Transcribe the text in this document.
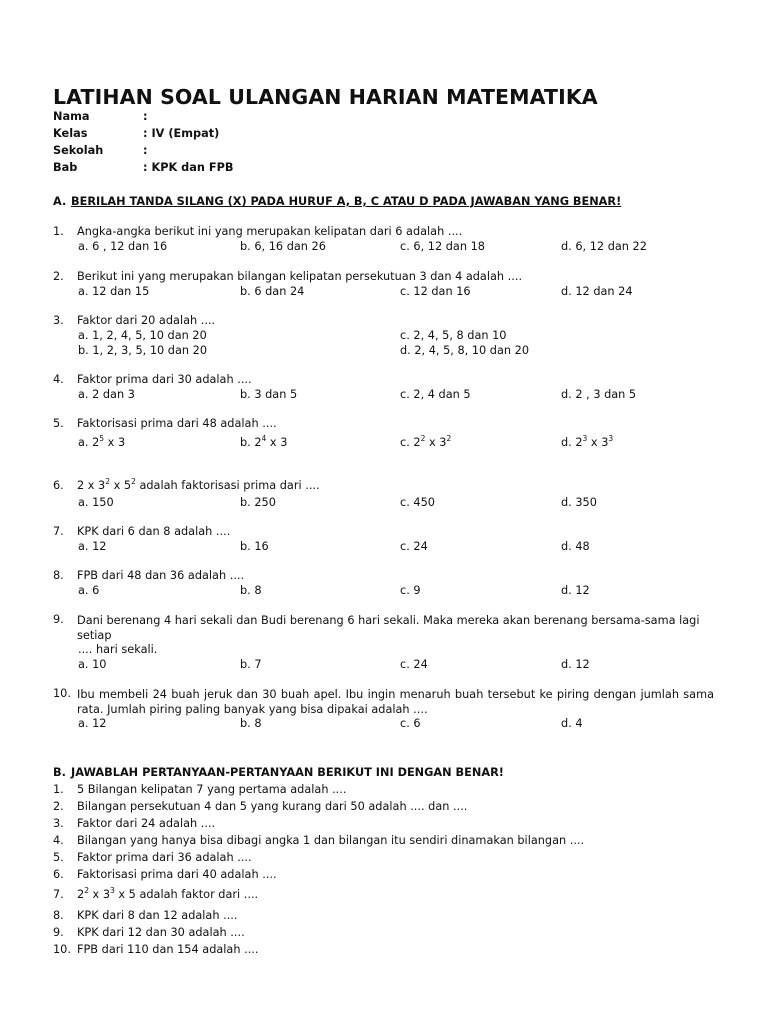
LATIHAN SOAL ULANGAN HARIAN MATEMATIKA
Nama	:
Kelas	: IV (Empat)
Sekolah	:
Bab	: KPK dan FPB
A. BERILAH TANDA SILANG (X) PADA HURUF A, B, C ATAU D PADA JAWABAN YANG BENAR!
1. Angka-angka berikut ini yang merupakan kelipatan dari 6 adalah ....
a. 6 , 12 dan 16	b. 6, 16 dan 26	c. 6, 12 dan 18	d. 6, 12 dan 22
2. Berikut ini yang merupakan bilangan kelipatan persekutuan 3 dan 4 adalah ....
a. 12 dan 15	b. 6 dan 24	c. 12 dan 16	d. 12 dan 24
3. Faktor dari 20 adalah ....
a. 1, 2, 4, 5, 10 dan 20	c. 2, 4, 5, 8 dan 10
b. 1, 2, 3, 5, 10 dan 20	d. 2, 4, 5, 8, 10 dan 20
4. Faktor prima dari 30 adalah ....
a. 2 dan 3	b. 3 dan 5	c. 2, 4 dan 5	d. 2 , 3 dan 5
5. Faktorisasi prima dari 48 adalah ....
a. $2^5$ x 3	b. $2^4$ x 3	c. $2^2$ x $3^2$	d. $2^3$ x $3^3$
6. 2 x $3^2$ x $5^2$ adalah faktorisasi prima dari ....
a. 150	b. 250	c. 450	d. 350
7. KPK dari 6 dan 8 adalah ....
a. 12	b. 16	c. 24	d. 48
8. FPB dari 48 dan 36 adalah ....
a. 6	b. 8	c. 9	d. 12
9. Dani berenang 4 hari sekali dan Budi berenang 6 hari sekali. Maka mereka akan berenang bersama-sama lagi setiap
.... hari sekali.
a. 10	b. 7	c. 24	d. 12
10. Ibu membeli 24 buah jeruk dan 30 buah apel. Ibu ingin menaruh buah tersebut ke piring dengan jumlah sama rata. Jumlah piring paling banyak yang bisa dipakai adalah ....
a. 12	b. 8	c. 6	d. 4
B. JAWABLAH PERTANYAAN-PERTANYAAN BERIKUT INI DENGAN BENAR!
1. 5 Bilangan kelipatan 7 yang pertama adalah ....
2. Bilangan persekutuan 4 dan 5 yang kurang dari 50 adalah .... dan ....
3. Faktor dari 24 adalah ....
4. Bilangan yang hanya bisa dibagi angka 1 dan bilangan itu sendiri dinamakan bilangan ....
5. Faktor prima dari 36 adalah ....
6. Faktorisasi prima dari 40 adalah ....
7. $2^2$ x $3^3$ x 5 adalah faktor dari ....
8. KPK dari 8 dan 12 adalah ....
9. KPK dari 12 dan 30 adalah ....
10. FPB dari 110 dan 154 adalah ....
